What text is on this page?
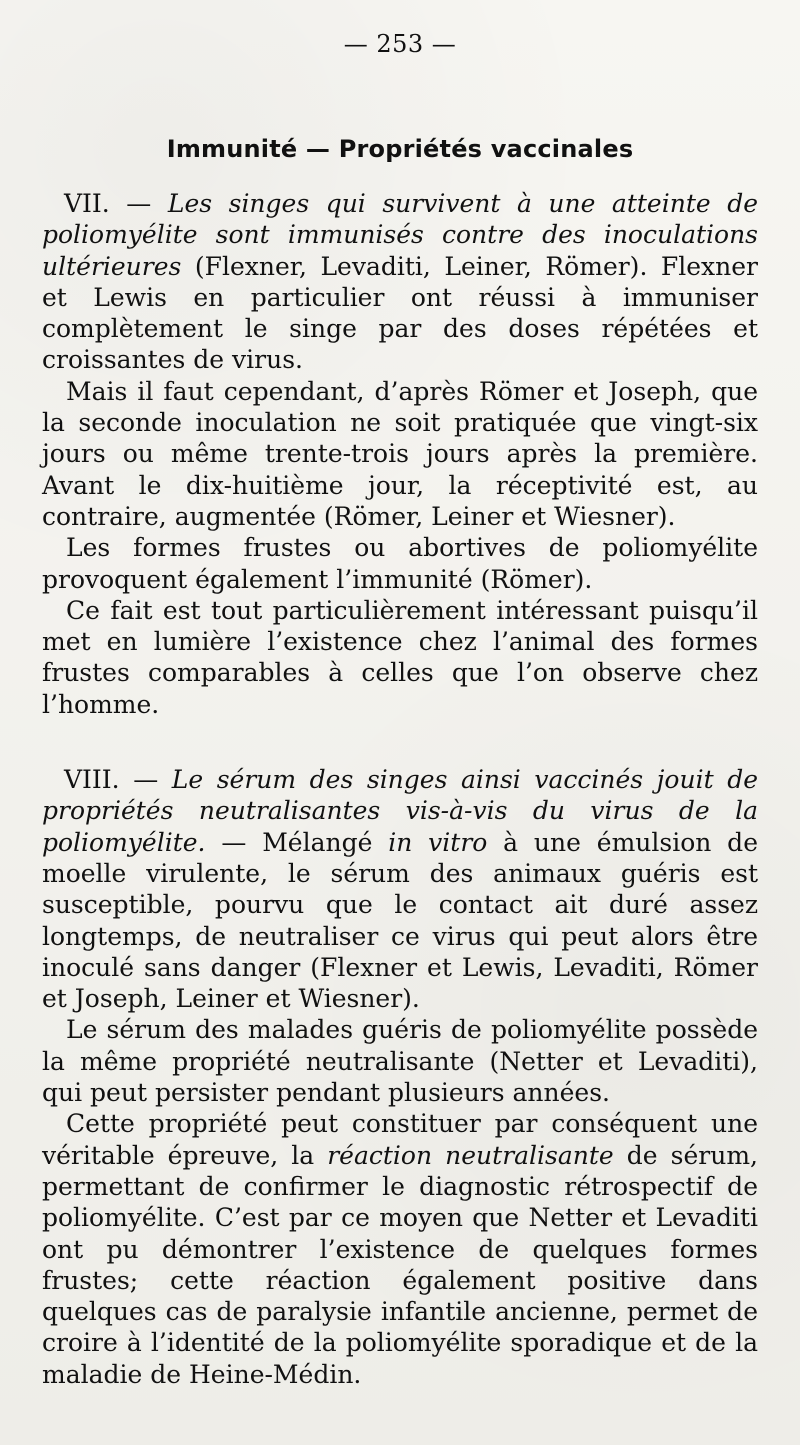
— 253 —
Immunité — Propriétés vaccinales

VII. — Les singes qui survivent à une atteinte de poliomyélite sont immunisés contre des inoculations ultérieures (Flexner, Levaditi, Leiner, Römer). Flexner et Lewis en particulier ont réussi à immuniser complètement le singe par des doses répétées et croissantes de virus.

Mais il faut cependant, d’après Römer et Joseph, que la seconde inoculation ne soit pratiquée que vingt-six jours ou même trente-trois jours après la première. Avant le dix-huitième jour, la réceptivité est, au contraire, augmentée (Römer, Leiner et Wiesner).

Les formes frustes ou abortives de poliomyélite provoquent également l’immunité (Römer).

Ce fait est tout particulièrement intéressant puisqu’il met en lumière l’existence chez l’animal des formes frustes comparables à celles que l’on observe chez l’homme.

VIII. — Le sérum des singes ainsi vaccinés jouit de propriétés neutralisantes vis-à-vis du virus de la poliomyélite. — Mélangé in vitro à une émulsion de moelle virulente, le sérum des animaux guéris est susceptible, pourvu que le contact ait duré assez longtemps, de neutraliser ce virus qui peut alors être inoculé sans danger (Flexner et Lewis, Levaditi, Römer et Joseph, Leiner et Wiesner).

Le sérum des malades guéris de poliomyélite possède la même propriété neutralisante (Netter et Levaditi), qui peut persister pendant plusieurs années.

Cette propriété peut constituer par conséquent une véritable épreuve, la réaction neutralisante de sérum, permettant de confirmer le diagnostic rétrospectif de poliomyélite. C’est par ce moyen que Netter et Levaditi ont pu démontrer l’existence de quelques formes frustes; cette réaction également positive dans quelques cas de paralysie infantile ancienne, permet de croire à l’identité de la poliomyélite sporadique et de la maladie de Heine-Médin.
